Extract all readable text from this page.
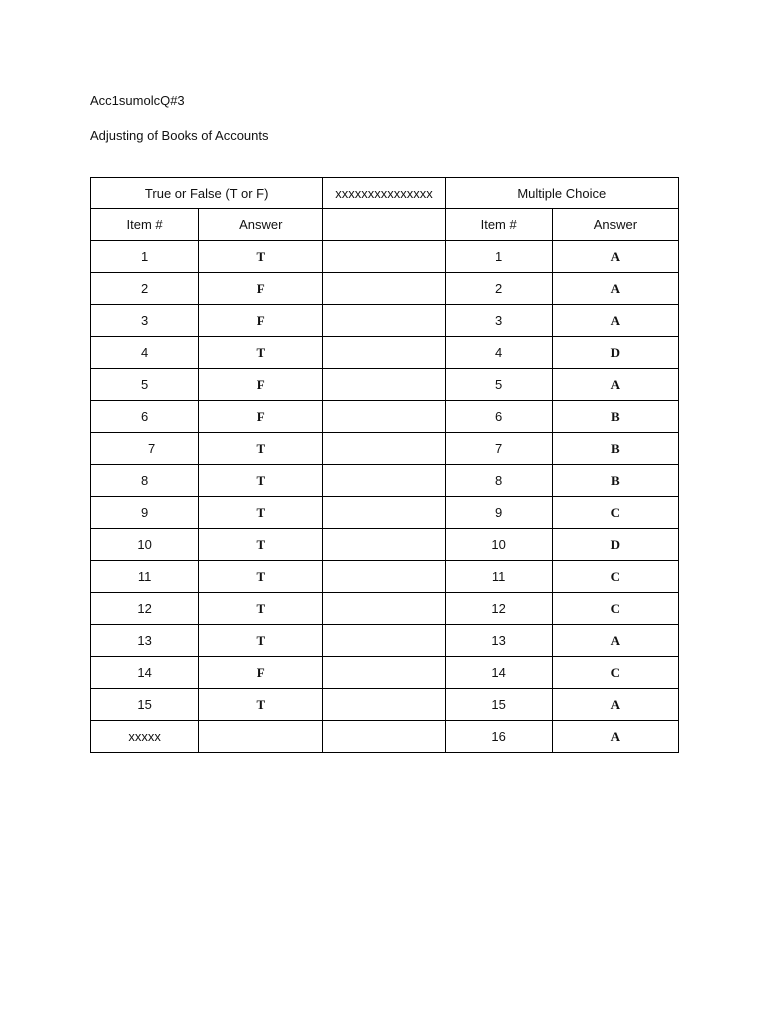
Acc1sumolcQ#3
Adjusting of Books of Accounts
True or False (T or F)		xxxxxxxxxxxxxxx	Multiple Choice	
Item #	Answer		Item #	Answer
1	T		1	A
2	F		2	A
3	F		3	A
4	T		4	D
5	F		5	A
6	F		6	B
7	T		7	B
8	T		8	B
9	T		9	C
10	T		10	D
11	T		11	C
12	T		12	C
13	T		13	A
14	F		14	C
15	T		15	A
xxxxx			16	A
